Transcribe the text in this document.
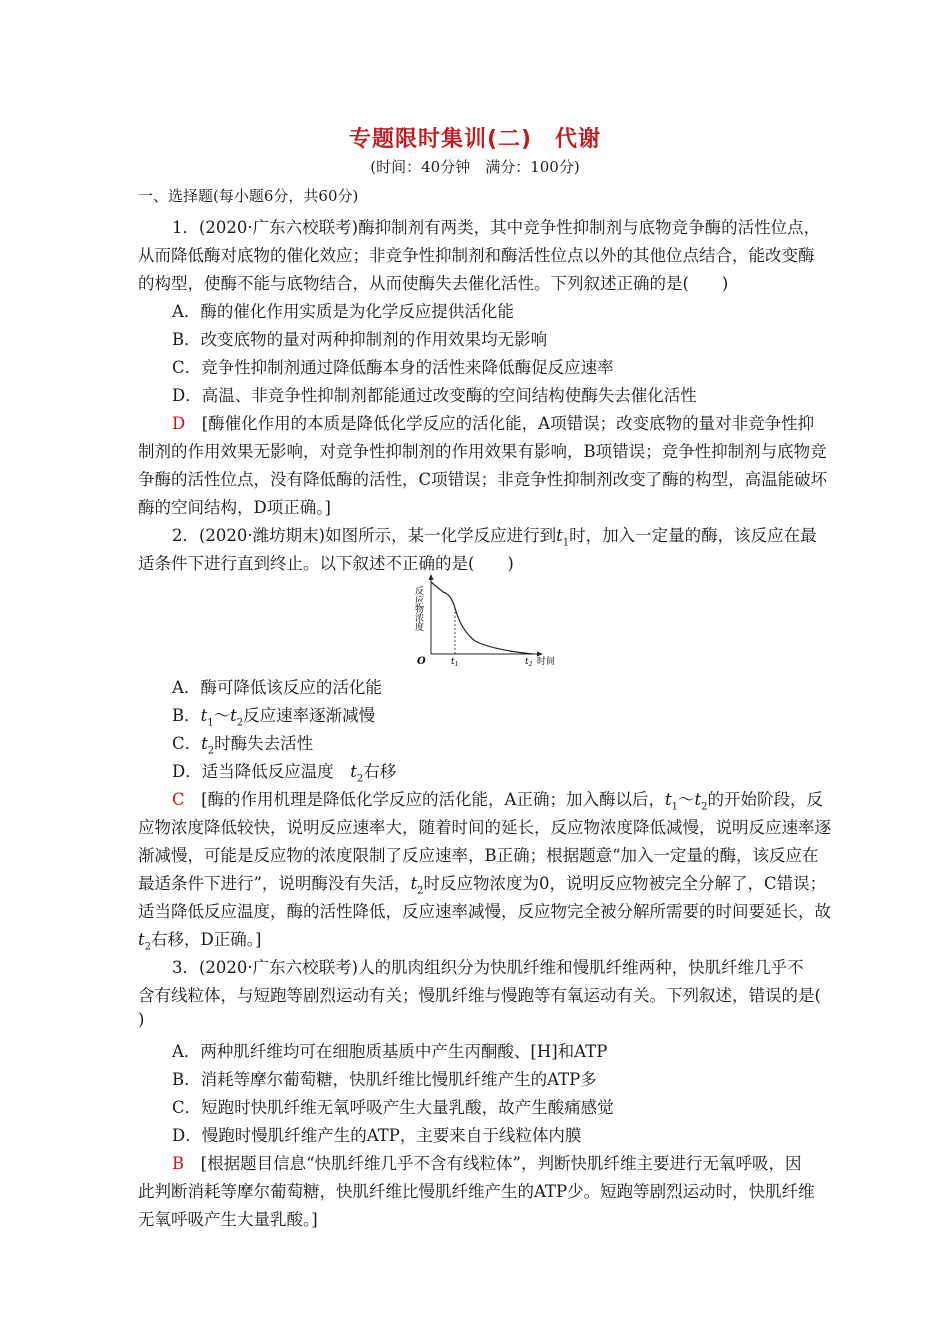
专题限时集训(二)　代谢
(时间：40分钟　满分：100分)
一、选择题(每小题6分，共60分)
1．(2020·广东六校联考)酶抑制剂有两类，其中竞争性抑制剂与底物竞争酶的活性位点，
从而降低酶对底物的催化效应；非竞争性抑制剂和酶活性位点以外的其他位点结合，能改变酶
的构型，使酶不能与底物结合，从而使酶失去催化活性。下列叙述正确的是(　　)
A．酶的催化作用实质是为化学反应提供活化能
B．改变底物的量对两种抑制剂的作用效果均无影响
C．竞争性抑制剂通过降低酶本身的活性来降低酶促反应速率
D．高温、非竞争性抑制剂都能通过改变酶的空间结构使酶失去催化活性
D　 [酶催化作用的本质是降低化学反应的活化能，A项错误；改变底物的量对非竞争性抑
制剂的作用效果无影响，对竞争性抑制剂的作用效果有影响，B项错误；竞争性抑制剂与底物竞
争酶的活性位点，没有降低酶的活性，C项错误；非竞争性抑制剂改变了酶的构型，高温能破坏
酶的空间结构，D项正确。]
2．(2020·潍坊期末)如图所示，某一化学反应进行到$t_1$时，加入一定量的酶，该反应在最
适条件下进行直到终止。以下叙述不正确的是(　　)
反应物浓度
O	$t_1$	$t_2$ 时间
A．酶可降低该反应的活化能
B．$t_1\sim t_2$反应速率逐渐减慢
C．$t_2$时酶失去活性
D．适当降低反应温度　 $t_2$右移
C　 [酶的作用机理是降低化学反应的活化能，A正确；加入酶以后，$t_1\sim t_2$的开始阶段，反
应物浓度降低较快，说明反应速率大，随着时间的延长，反应物浓度降低减慢，说明反应速率逐
渐减慢，可能是反应物的浓度限制了反应速率，B正确；根据题意“加入一定量的酶，该反应在
最适条件下进行”，说明酶没有失活，$t_2$时反应物浓度为0，说明反应物被完全分解了，C错误；
适当降低反应温度，酶的活性降低，反应速率减慢，反应物完全被分解所需要的时间要延长，故
$t_2$右移，D正确。]
3．(2020·广东六校联考)人的肌肉组织分为快肌纤维和慢肌纤维两种，快肌纤维几乎不
含有线粒体，与短跑等剧烈运动有关；慢肌纤维与慢跑等有氧运动有关。下列叙述，错误的是(
)
A．两种肌纤维均可在细胞质基质中产生丙酮酸、[H]和ATP
B．消耗等摩尔葡萄糖，快肌纤维比慢肌纤维产生的ATP多
C．短跑时快肌纤维无氧呼吸产生大量乳酸，故产生酸痛感觉
D．慢跑时慢肌纤维产生的ATP，主要来自于线粒体内膜
B　 [根据题目信息“快肌纤维几乎不含有线粒体”，判断快肌纤维主要进行无氧呼吸，因
此判断消耗等摩尔葡萄糖，快肌纤维比慢肌纤维产生的ATP少。短跑等剧烈运动时，快肌纤维
无氧呼吸产生大量乳酸。]
